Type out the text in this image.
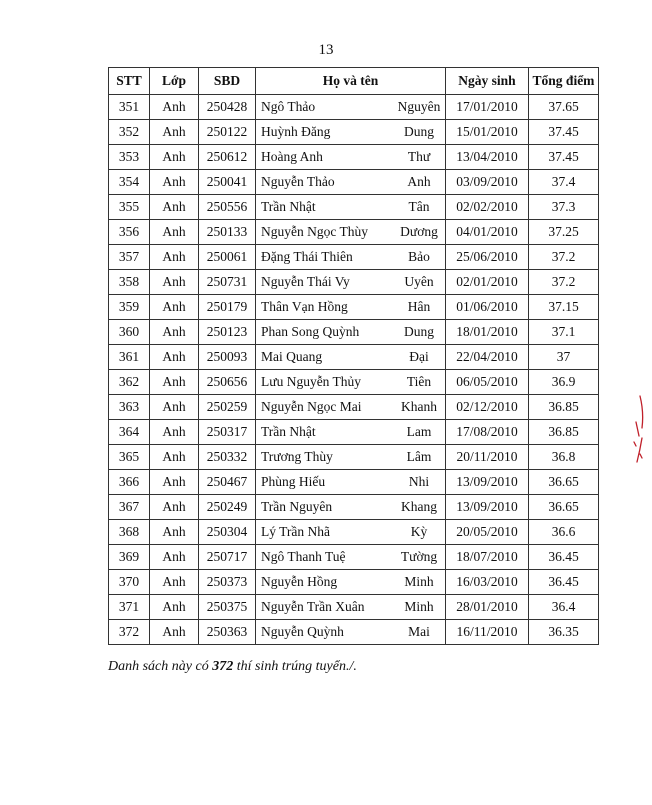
13
STT	Lớp	SBD	Họ và tên		Ngày sinh	Tổng điểm
351	Anh	250428	Ngô Thảo	Nguyên	17/01/2010	37.65
352	Anh	250122	Huỳnh Đăng	Dung	15/01/2010	37.45
353	Anh	250612	Hoàng Anh	Thư	13/04/2010	37.45
354	Anh	250041	Nguyễn Thảo	Anh	03/09/2010	37.4
355	Anh	250556	Trần Nhật	Tân	02/02/2010	37.3
356	Anh	250133	Nguyễn Ngọc Thùy	Dương	04/01/2010	37.25
357	Anh	250061	Đặng Thái Thiên	Bảo	25/06/2010	37.2
358	Anh	250731	Nguyễn Thái Vy	Uyên	02/01/2010	37.2
359	Anh	250179	Thân Vạn Hồng	Hân	01/06/2010	37.15
360	Anh	250123	Phan Song Quỳnh	Dung	18/01/2010	37.1
361	Anh	250093	Mai Quang	Đại	22/04/2010	37
362	Anh	250656	Lưu Nguyễn Thủy	Tiên	06/05/2010	36.9
363	Anh	250259	Nguyễn Ngọc Mai	Khanh	02/12/2010	36.85
364	Anh	250317	Trần Nhật	Lam	17/08/2010	36.85
365	Anh	250332	Trương Thùy	Lâm	20/11/2010	36.8
366	Anh	250467	Phùng Hiếu	Nhi	13/09/2010	36.65
367	Anh	250249	Trần Nguyên	Khang	13/09/2010	36.65
368	Anh	250304	Lý Trần Nhã	Kỳ	20/05/2010	36.6
369	Anh	250717	Ngô Thanh Tuệ	Tường	18/07/2010	36.45
370	Anh	250373	Nguyễn Hồng	Minh	16/03/2010	36.45
371	Anh	250375	Nguyễn Trần Xuân	Minh	28/01/2010	36.4
372	Anh	250363	Nguyễn Quỳnh	Mai	16/11/2010	36.35
Danh sách này có 372 thí sinh trúng tuyển./.
